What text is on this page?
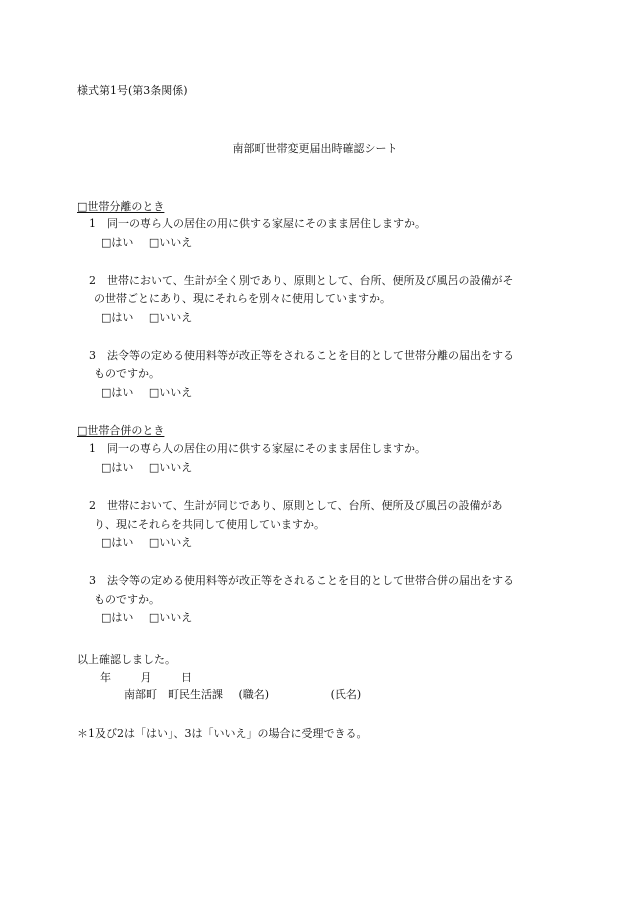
様式第1号(第3条関係)
南部町世帯変更届出時確認シート
□世帯分離のとき
1　同一の専ら人の居住の用に供する家屋にそのまま居住しますか。
□はい □いいえ
2　世帯において、生計が全く別であり、原則として、台所、便所及び風呂の設備がそ
の世帯ごとにあり、現にそれらを別々に使用していますか。
□はい □いいえ
3　法令等の定める使用料等が改正等をされることを目的として世帯分離の届出をする
ものですか。
□はい □いいえ
□世帯合併のとき
1　同一の専ら人の居住の用に供する家屋にそのまま居住しますか。
□はい □いいえ
2　世帯において、生計が同じであり、原則として、台所、便所及び風呂の設備があ
り、現にそれらを共同して使用していますか。
□はい □いいえ
3　法令等の定める使用料等が改正等をされることを目的として世帯合併の届出をする
ものですか。
□はい □いいえ
以上確認しました。
年	月	日
南部町　町民生活課 (職名)	(氏名)
＊1及び2は「はい」、3は「いいえ」の場合に受理できる。
